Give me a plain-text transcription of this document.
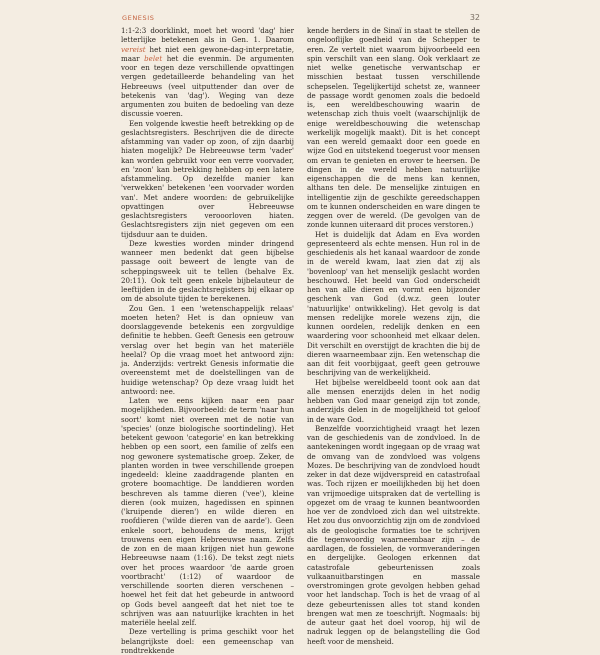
GENESIS	32

1:1-2:3 doorklinkt, moet het woord 'dag' hier letterlijke betekenen als in Gen. 1. Daarom vereist het niet een gewone-dag-interpretatie, maar belet het die evenmin. De argumenten voor en tegen deze verschillende opvattingen vergen gedetailleerde behandeling van het Hebreeuws (veel uitputtender dan over de betekenis van 'dag'). Weging van deze argumenten zou buiten de bedoeling van deze discussie voeren.

Een volgende kwestie heeft betrekking op de geslachtsregisters. Beschrijven die de directe afstamming van vader op zoon, of zijn daarbij hiaten mogelijk? De Hebreeuwse term 'vader' kan worden gebruikt voor een verre voorvader, en 'zoon' kan betrekking hebben op een latere afstammeling. Op dezelfde manier kan 'verwekken' betekenen 'een voorvader worden van'. Met andere woorden: de gebruikelijke opvattingen over Hebreeuwse geslachtsregisters verooorloven hiaten. Geslachtsregisters zijn niet gegeven om een tijdsduur aan te duiden.

Deze kwesties worden minder dringend wanneer men bedenkt dat geen bijbelse passage ooit beweert de lengte van de scheppingsweek uit te tellen (behalve Ex. 20:11). Ook telt geen enkele bijbelauteur de leeftijden in de geslachtsregisters bij elkaar op om de absolute tijden te berekenen.

Zou Gen. 1 een 'wetenschappelijk relaas' moeten heten? Het is dan opnieuw van doorslaggevende betekenis een zorgvuldige definitie te hebben. Geeft Genesis een getrouw verslag over het begin van het materiële heelal? Op die vraag moet het antwoord zijn: ja. Anderzijds: vertrekt Genesis informatie die overeenstemt met de doelstellingen van de huidige wetenschap? Op deze vraag luidt het antwoord: nee.

Laten we eens kijken naar een paar mogelijkheden. Bijvoorbeeld: de term 'naar hun soort' komt niet overeen met de notie van 'species' (onze biologische soortindeling). Het betekent gewoon 'categorie' en kan betrekking hebben op een soort, een familie of zelfs een nog gewonere systematische groep. Zeker, de planten worden in twee verschillende groepen ingedeeld: kleine zaaddragende planten en grotere boomachtige. De landdieren worden beschreven als tamme dieren ('vee'), kleine dieren (ook muizen, hagedissen en spinnen ('kruipende dieren') en wilde dieren en roofdieren ('wilde dieren van de aarde'). Geen enkele soort, behoudens de mens, krijgt trouwens een eigen Hebreeuwse naam. Zelfs de zon en de maan krijgen niet hun gewone Hebreeuwse naam (1:16). De tekst zegt niets over het proces waardoor 'de aarde groen voortbracht' (1:12) of waardoor de verschillende soorten dieren verschenen – hoewel het feit dat het gebeurde in antwoord op Gods bevel aangeeft dat het niet toe te schrijven was aan natuurlijke krachten in het materiële heelal zelf.

Deze vertelling is prima geschikt voor het belangrijkste doel: een gemeenschap van rondtrekkende

kende herders in de Sinaï in staat te stellen de ongelooflijke goedheid van de Schepper te eren. Ze vertelt niet waarom bijvoorbeeld een spin verschilt van een slang. Ook verklaart ze niet welke genetische verwantschap er misschien bestaat tussen verschillende schepselen. Tegelijkertijd schetst ze, wanneer de passage wordt genomen zoals die bedoeld is, een wereldbeschouwing waarin de wetenschap zich thuis voelt (waarschijnlijk de enige wereldbeschouwing die wetenschap werkelijk mogelijk maakt). Dit is het concept van een wereld gemaakt door een goede en wijze God en uitstekend toegerust voor mensen om ervan te genieten en erover te heersen. De dingen in de wereld hebben natuurlijke eigenschappen die de mens kan kennen, althans ten dele. De menselijke zintuigen en intelligentie zijn de geschikte gereedschappen om te kunnen onderscheiden en ware dingen te zeggen over de wereld. (De gevolgen van de zonde kunnen uiteraard dit proces verstoren.)

Het is duidelijk dat Adam en Eva worden gepresenteerd als echte mensen. Hun rol in de geschiedenis als het kanaal waardoor de zonde in de wereld kwam, laat zien dat zij als 'bovenloop' van het menselijk geslacht worden beschouwd. Het beeld van God onderscheidt hen van alle dieren en vormt een bijzonder geschenk van God (d.w.z. geen louter 'natuurlijke' ontwikkeling). Het gevolg is dat mensen redelijke morele wezens zijn, die kunnen oordelen, redelijk denken en een waardering voor schoonheid met elkaar delen. Dit verschilt en overstijgt de krachten die bij de dieren waarneembaar zijn. Een wetenschap die aan dit feit voorbijgaat, geeft geen getrouwe beschrijving van de werkelijkheid.

Het bijbelse wereldbeeld toont ook aan dat alle mensen enerzijds delen in het nodig hebben van God maar geneigd zijn tot zonde, anderzijds delen in de mogelijkheid tot geloof in de ware God.

Benzelfde voorzichtigheid vraagt het lezen van de geschiedenis van de zondvloed. In de aantekeningen wordt ingegaan op de vraag wat de omvang van de zondvloed was volgens Mozes. De beschrijving van de zondvloed houdt zeker in dat deze wijdverspreid en catastrofaal was. Toch rijzen er moeilijkheden bij het doen van vrijmoedige uitspraken dat de vertelling is opgezet om de vraag te kunnen beantwoorden hoe ver de zondvloed zich dan wel uitstrekte. Het zou dus onvoorzichtig zijn om de zondvloed als de geologische formaties toe te schrijven die tegenwoordig waarneembaar zijn – de aardlagen, de fossielen, de vormveranderingen en dergelijke. Geologen erkennen dat catastrofale gebeurtenissen zoals vulkaanuitbarstingen en massale overstromingen grote gevolgen hebben gehad voor het landschap. Toch is het de vraag of al deze gebeurtenissen alles tot stand konden brengen wat men ze toeschrijft. Nogmaals: bij de auteur gaat het doel voorop, hij wil de nadruk leggen op de belangstelling die God heeft voor de mensheid.
